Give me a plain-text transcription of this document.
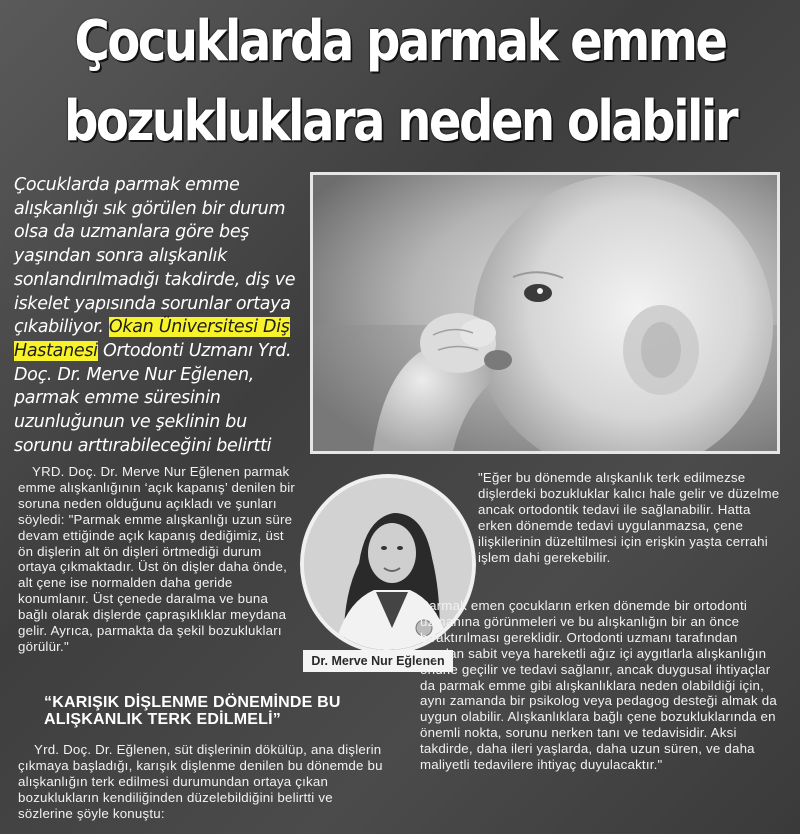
Çocuklarda parmak emme
bozukluklara neden olabilir
Çocuklarda parmak emme alışkanlığı sık görülen bir durum olsa da uzmanlara göre beş yaşından sonra alışkanlık sonlandırılmadığı takdirde, diş ve iskelet yapısında sorunlar ortaya çıkabiliyor. Okan Üniversitesi Diş Hastanesi Ortodonti Uzmanı Yrd. Doç. Dr. Merve Nur Eğlenen, parmak emme süresinin uzunluğunun ve şeklinin bu sorunu arttırabileceğini belirtti
YRD. Doç. Dr. Merve Nur Eğlenen parmak emme alışkanlığının ‘açık kapanış’ denilen bir soruna neden olduğunu açıkladı ve şunları söyledi: "Parmak emme alışkanlığı uzun süre devam ettiğinde açık kapanış dediğimiz, üst ön dişlerin alt ön dişleri örtmediği durum ortaya çıkmaktadır. Üst ön dişler daha önde, alt çene ise normalden daha geride konumlanır. Üst çenede daralma ve buna bağlı olarak dişlerde çapraşıklıklar meydana gelir. Ayrıca, parmakta da şekil bozuklukları görülür."
Dr. Merve Nur Eğlenen
"Eğer bu dönemde alışkanlık terk edilmezse dişlerdeki bozukluklar kalıcı hale gelir ve düzelme ancak ortodontik tedavi ile sağlanabilir. Hatta erken dönemde tedavi uygulanmazsa, çene ilişkilerinin düzeltilmesi için erişkin yaşta cerrahi işlem dahi gerekebilir.
Parmak emen çocukların erken dönemde bir ortodonti uzmanına görünmeleri ve bu alışkanlığın bir an önce bıraktırılması gereklidir. Ortodonti uzmanı tarafından yapılan sabit veya hareketli ağız içi aygıtlarla alışkanlığın önüne geçilir ve tedavi sağlanır, ancak duygusal ihtiyaçlar da parmak emme gibi alışkanlıklara neden olabildiği için, aynı zamanda bir psikolog veya pedagog desteği almak da uygun olabilir. Alışkanlıklara bağlı çene bozukluklarında en önemli nokta, sorunu nerken tanı ve tedavisidir. Aksi takdirde, daha ileri yaşlarda, daha uzun süren, ve daha maliyetli tedavilere ihtiyaç duyulacaktır."
“KARIŞIK DİŞLENME DÖNEMİNDE BU ALIŞKANLIK TERK EDİLMELİ”
Yrd. Doç. Dr. Eğlenen, süt dişlerinin dökülüp, ana dişlerin çıkmaya başladığı, karışık dişlenme denilen bu dönemde bu alışkanlığın terk edilmesi durumundan ortaya çıkan bozuklukların kendiliğinden düzelebildiğini belirtti ve sözlerine şöyle konuştu:
